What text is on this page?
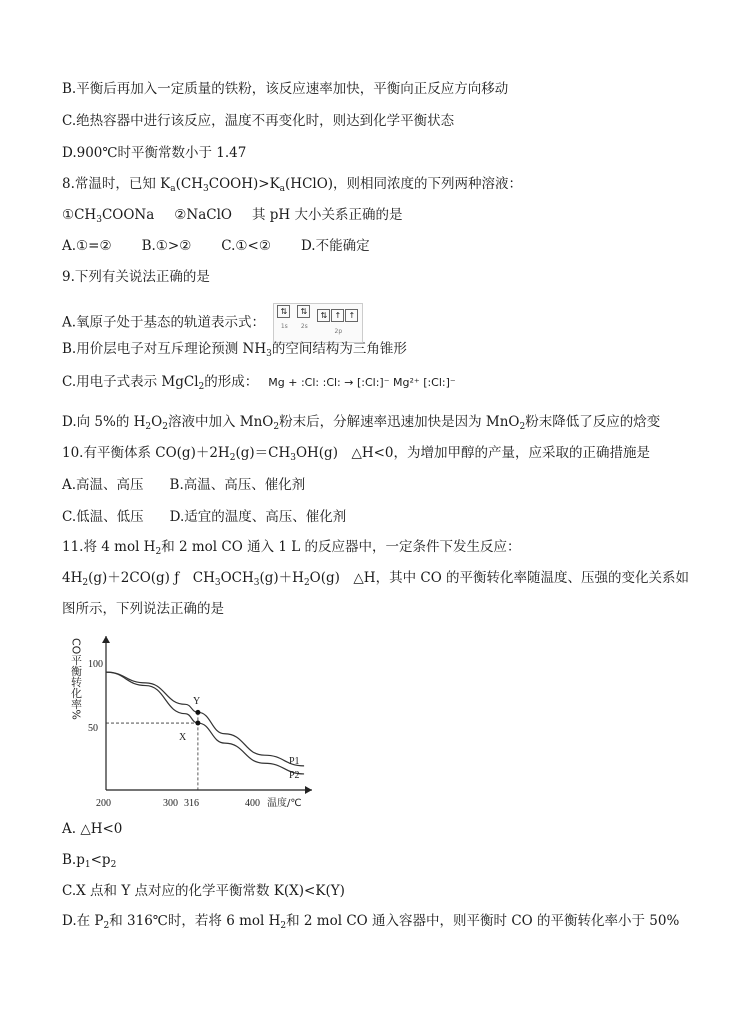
B.平衡后再加入一定质量的铁粉，该反应速率加快，平衡向正反应方向移动
C.绝热容器中进行该反应，温度不再变化时，则达到化学平衡状态
D.900℃时平衡常数小于 1.47
8.常温时，已知 $K_a(CH_3COOH)>K_a(HClO)$，则相同浓度的下列两种溶液：
$①CH_3COONa$ ②NaClO 其 pH 大小关系正确的是
A.①=② B.①>② C.①<② D.不能确定
9.下列有关说法正确的是
A.氧原子处于基态的轨道表示式：
⇅
1s
⇅
2s
⇅ ↑ ↑
2p
B.用价层电子对互斥理论预测 $NH_3$的空间结构为三角锥形
C.用电子式表示 MgCl$_2$的形成： Mg + :Cl: :Cl: → [:Cl:]⁻ Mg²⁺ [:Cl:]⁻
D.向 5%的 $H_2O_2$溶液中加入 MnO$_2$粉末后，分解速率迅速加快是因为 MnO$_2$粉末降低了反应的焓变
10.有平衡体系 $CO(g)+2H_2(g)=CH_3OH(g)$　△H<0，为增加甲醇的产量，应采取的正确措施是
A.高温、高压 B.高温、高压、催化剂
C.低温、低压 D.适宜的温度、高压、催化剂
11.将 4 mol $H_2$和 2 mol CO 通入 1 L 的反应器中，一定条件下发生反应：
$4H_2(g)+2CO(g)$ ƒ　$CH_3OCH_3(g)+H_2O(g)$　△H，其中 CO 的平衡转化率随温度、压强的变化关系如
图所示，下列说法正确的是
CO平衡转化率%
温度/℃
100
50
200	300 316	400
P1
P2
Y
X
A. △H<0
$B.p_1<p_2$
C.X 点和 Y 点对应的化学平衡常数 K(X)<K(Y)
D.在 $P_2$和 316℃时，若将 6 mol $H_2$和 2 mol CO 通入容器中，则平衡时 CO 的平衡转化率小于 50%
